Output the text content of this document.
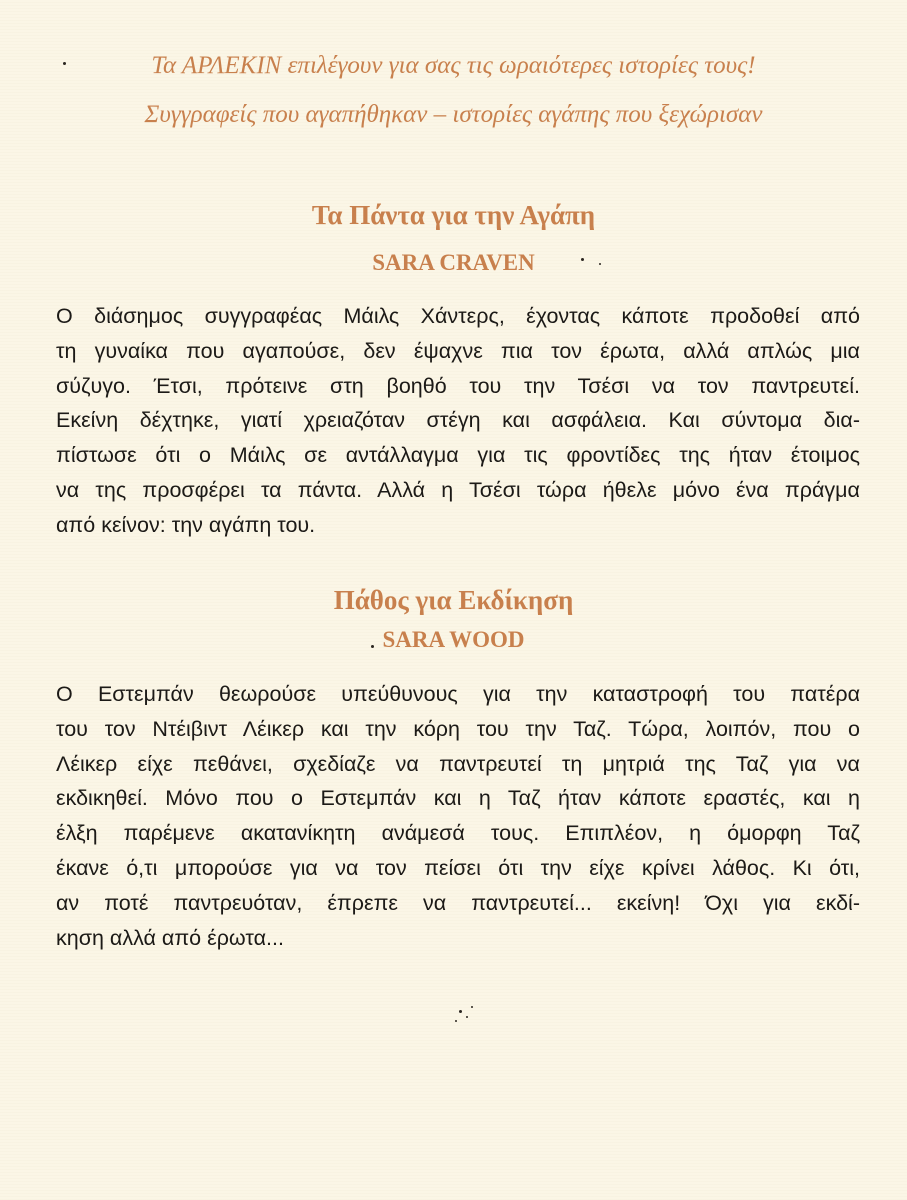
Τα ΑΡΛΕΚΙΝ επιλέγουν για σας τις ωραιότερες ιστορίες τους!
Συγγραφείς που αγαπήθηκαν – ιστορίες αγάπης που ξεχώρισαν
Τα Πάντα για την Αγάπη
SARA CRAVEN
Ο διάσημος συγγραφέας Μάιλς Χάντερς, έχοντας κάποτε προδοθεί από
τη γυναίκα που αγαπούσε, δεν έψαχνε πια τον έρωτα, αλλά απλώς μια
σύζυγο. Έτσι, πρότεινε στη βοηθό του την Τσέσι να τον παντρευτεί.
Εκείνη δέχτηκε, γιατί χρειαζόταν στέγη και ασφάλεια. Και σύντομα δια-
πίστωσε ότι ο Μάιλς σε αντάλλαγμα για τις φροντίδες της ήταν έτοιμος
να της προσφέρει τα πάντα. Αλλά η Τσέσι τώρα ήθελε μόνο ένα πράγμα
από κείνον: την αγάπη του.
Πάθος για Εκδίκηση
SARA WOOD
Ο Εστεμπάν θεωρούσε υπεύθυνους για την καταστροφή του πατέρα
του τον Ντέιβιντ Λέικερ και την κόρη του την Ταζ. Τώρα, λοιπόν, που ο
Λέικερ είχε πεθάνει, σχεδίαζε να παντρευτεί τη μητριά της Ταζ για να
εκδικηθεί. Μόνο που ο Εστεμπάν και η Ταζ ήταν κάποτε εραστές, και η
έλξη παρέμενε ακατανίκητη ανάμεσά τους. Επιπλέον, η όμορφη Ταζ
έκανε ό,τι μπορούσε για να τον πείσει ότι την είχε κρίνει λάθος. Κι ότι,
αν ποτέ παντρευόταν, έπρεπε να παντρευτεί... εκείνη! Όχι για εκδί-
κηση αλλά από έρωτα...
